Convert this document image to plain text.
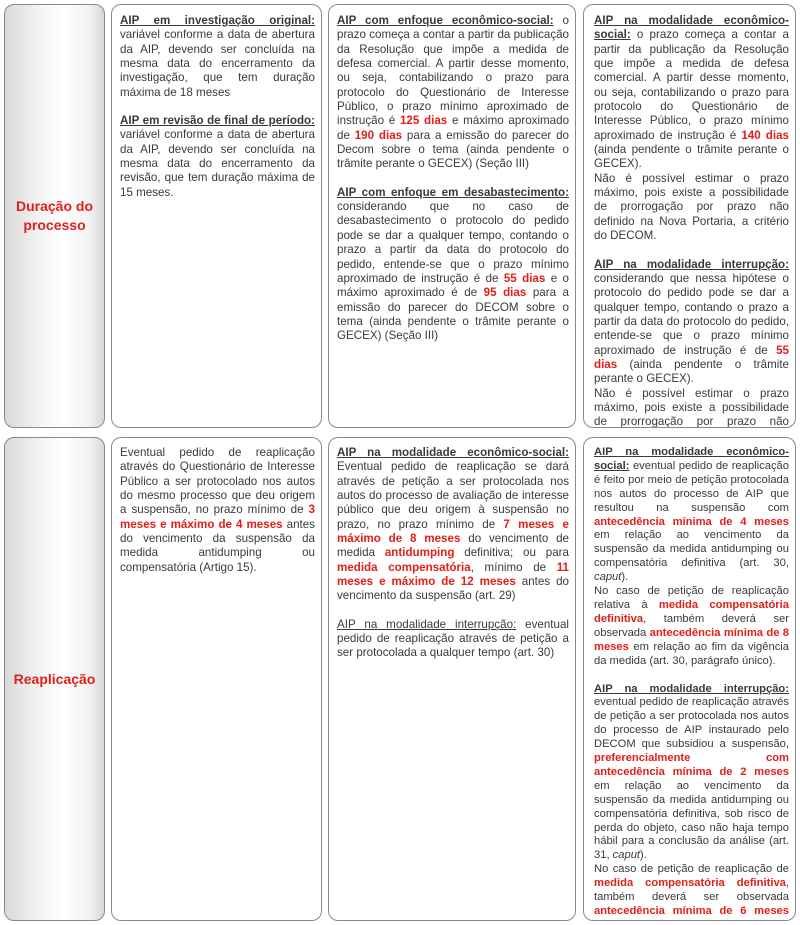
Duração do processo

AIP em investigação original: variável conforme a data de abertura da AIP, devendo ser concluída na mesma data do encerramento da investigação, que tem duração máxima de 18 meses

AIP em revisão de final de período: variável conforme a data de abertura da AIP, devendo ser concluída na mesma data do encerramento da revisão, que tem duração máxima de 15 meses.

AIP com enfoque econômico-social: o prazo começa a contar a partir da publicação da Resolução que impõe a medida de defesa comercial. A partir desse momento, ou seja, contabilizando o prazo para protocolo do Questionário de Interesse Público, o prazo mínimo aproximado de instrução é 125 dias e máximo aproximado de 190 dias para a emissão do parecer do Decom sobre o tema (ainda pendente o trâmite perante o GECEX) (Seção III)

AIP com enfoque em desabastecimento: considerando que no caso de desabastecimento o protocolo do pedido pode se dar a qualquer tempo, contando o prazo a partir da data do protocolo do pedido, entende-se que o prazo mínimo aproximado de instrução é de 55 dias e o máximo aproximado é de 95 dias para a emissão do parecer do DECOM sobre o tema (ainda pendente o trâmite perante o GECEX) (Seção III)

AIP na modalidade econômico-social: o prazo começa a contar a partir da publicação da Resolução que impõe a medida de defesa comercial. A partir desse momento, ou seja, contabilizando o prazo para protocolo do Questionário de Interesse Público, o prazo mínimo aproximado de instrução é 140 dias (ainda pendente o trâmite perante o GECEX).

Não é possível estimar o prazo máximo, pois existe a possibilidade de prorrogação por prazo não definido na Nova Portaria, a critério do DECOM.

AIP na modalidade interrupção: considerando que nessa hipótese o protocolo do pedido pode se dar a qualquer tempo, contando o prazo a partir da data do protocolo do pedido, entende-se que o prazo mínimo aproximado de instrução é de 55 dias (ainda pendente o trâmite perante o GECEX).

Não é possível estimar o prazo máximo, pois existe a possibilidade de prorrogação por prazo não

Reaplicação

Eventual pedido de reaplicação através do Questionário de Interesse Público a ser protocolado nos autos do mesmo processo que deu origem a suspensão, no prazo mínimo de 3 meses e máximo de 4 meses antes do vencimento da suspensão da medida antidumping ou compensatória (Artigo 15).

AIP na modalidade econômico-social: Eventual pedido de reaplicação se dará através de petição a ser protocolada nos autos do processo de avaliação de interesse público que deu origem à suspensão no prazo, no prazo mínimo de 7 meses e máximo de 8 meses do vencimento de medida antidumping definitiva; ou para medida compensatória, mínimo de 11 meses e máximo de 12 meses antes do vencimento da suspensão (art. 29)

AIP na modalidade interrupção: eventual pedido de reaplicação através de petição a ser protocolada a qualquer tempo (art. 30)

AIP na modalidade econômico-social: eventual pedido de reaplicação é feito por meio de petição protocolada nos autos do processo de AIP que resultou na suspensão com antecedência mínima de 4 meses em relação ao vencimento da suspensão da medida antidumping ou compensatória definitiva (art. 30, caput).

No caso de petição de reaplicação relativa à medida compensatória definitiva, também deverá ser observada antecedência mínima de 8 meses em relação ao fim da vigência da medida (art. 30, parágrafo único).

AIP na modalidade interrupção: eventual pedido de reaplicação através de petição a ser protocolada nos autos do processo de AIP instaurado pelo DECOM que subsidiou a suspensão, preferencialmente com antecedência mínima de 2 meses em relação ao vencimento da suspensão da medida antidumping ou compensatória definitiva, sob risco de perda do objeto, caso não haja tempo hábil para a conclusão da análise (art. 31, caput).

No caso de petição de reaplicação de medida compensatória definitiva, também deverá ser observada antecedência mínima de 6 meses
